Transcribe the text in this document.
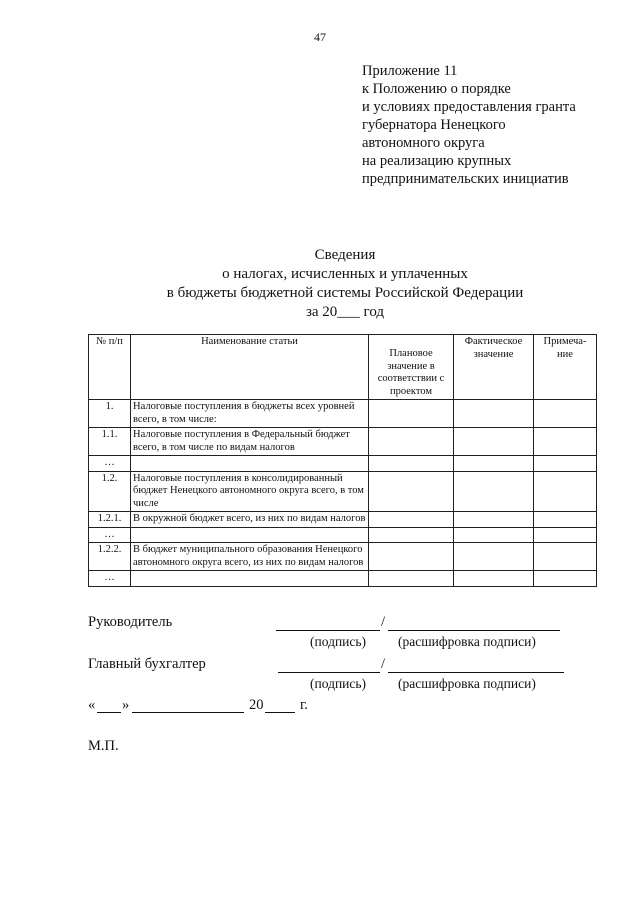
47
Приложение 11
к Положению о порядке
и условиях предоставления гранта
губернатора Ненецкого
автономного округа
на реализацию крупных
предпринимательских инициатив
Сведения
о налогах, исчисленных и уплаченных
в бюджеты бюджетной системы Российской Федерации
за 20___ год
№ п/п	Наименование статьи	Плановое значение в соответствии с проектом	Фактическое значение	Примеча-ние
1.	Налоговые поступления в бюджеты всех уровней всего, в том числе:			
1.1.	Налоговые поступления в Федеральный бюджет всего, в том числе по видам налогов			
…				
1.2.	Налоговые поступления в консолидированный бюджет Ненецкого автономного округа всего, в том числе			
1.2.1.	В окружной бюджет всего, из них по видам налогов			
…				
1.2.2.	В бюджет муниципального образования Ненецкого автономного округа всего, из них по видам налогов			
…				
Руководитель	/
(подпись) (расшифровка подписи)
Главный бухгалтер	/
(подпись) (расшифровка подписи)
« »	20	г.
М.П.
